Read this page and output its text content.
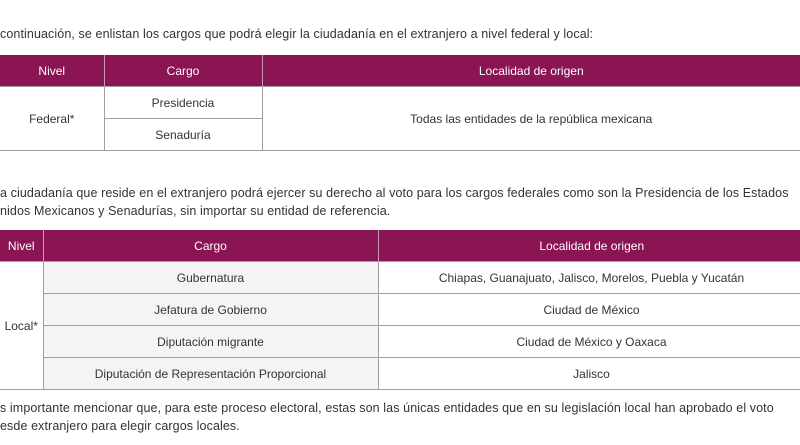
continuación, se enlistan los cargos que podrá elegir la ciudadanía en el extranjero a nivel federal y local:
Nivel	Cargo	Localidad de origen
Federal*	Presidencia	Todas las entidades de la república mexicana
	Senaduría	
a ciudadanía que reside en el extranjero podrá ejercer su derecho al voto para los cargos federales como son la Presidencia de los Estados
nidos Mexicanos y Senadurías, sin importar su entidad de referencia.
Nivel	Cargo	Localidad de origen
Local*	Gubernatura	Chiapas, Guanajuato, Jalisco, Morelos, Puebla y Yucatán
	Jefatura de Gobierno	Ciudad de México
	Diputación migrante	Ciudad de México y Oaxaca
	Diputación de Representación Proporcional	Jalisco
s importante mencionar que, para este proceso electoral, estas son las únicas entidades que en su legislación local han aprobado el voto
esde extranjero para elegir cargos locales.
